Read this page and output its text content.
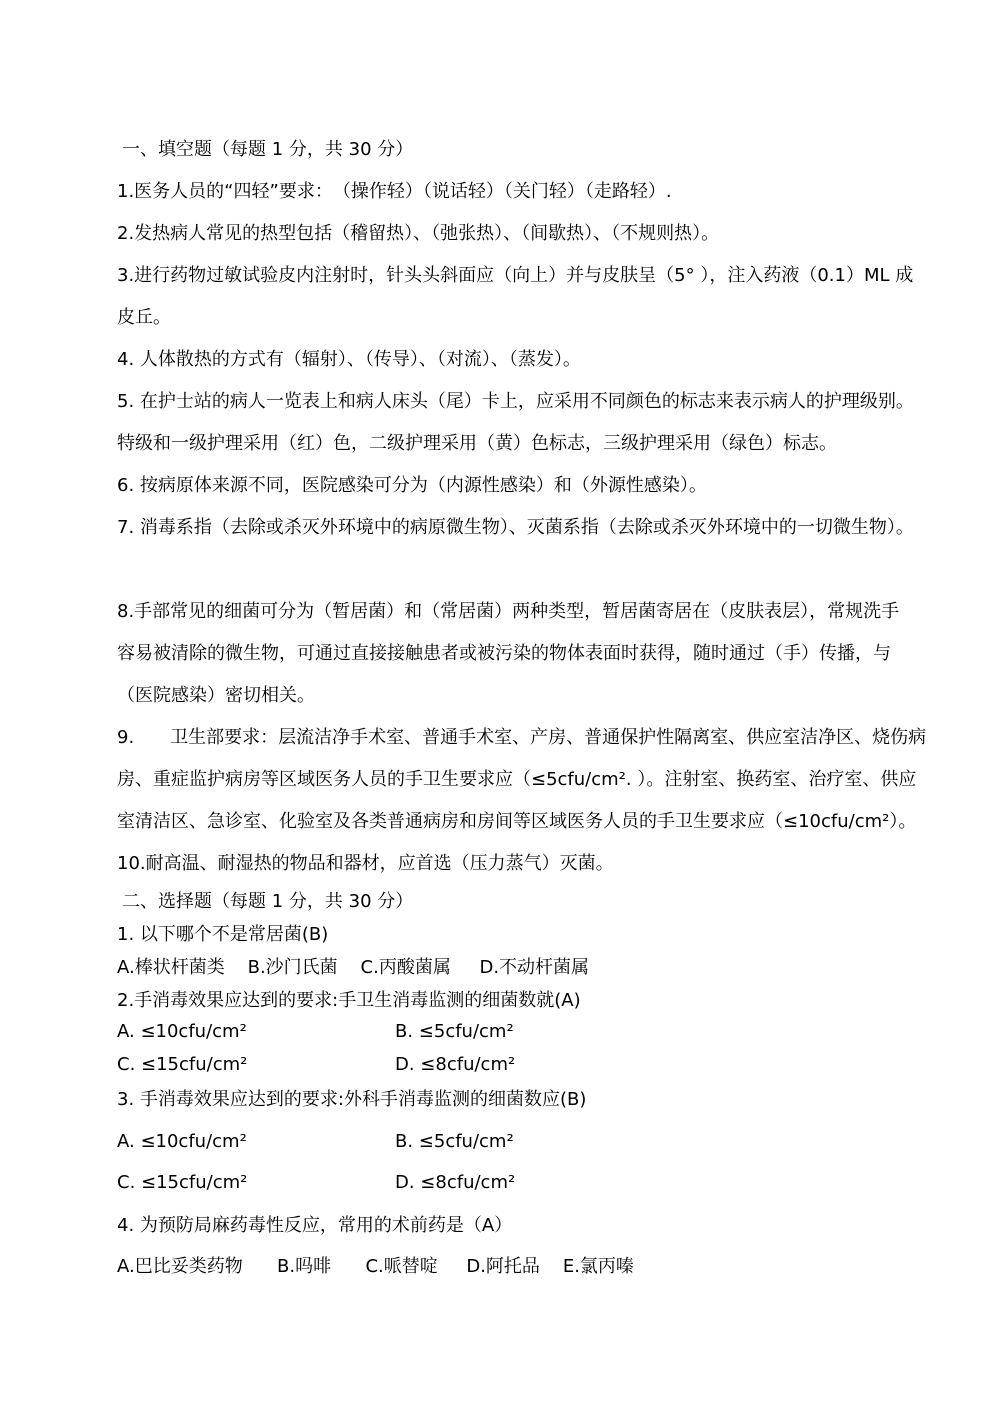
一、填空题（每题 1 分，共 30 分）
1.医务人员的“四轻”要求：　（操作轻）（说话轻）（关门轻）（走路轻）.
2.发热病人常见的热型包括（稽留热）、（弛张热）、（间歇热）、（不规则热）。
3.进行药物过敏试验皮内注射时，针头头斜面应（向上）并与皮肤呈（5° ），注入药液（0.1）ML 成
皮丘。
4. 人体散热的方式有（辐射）、（传导）、（对流）、（蒸发）。
5. 在护士站的病人一览表上和病人床头（尾）卡上，应采用不同颜色的标志来表示病人的护理级别。
特级和一级护理采用（红）色，二级护理采用（黄）色标志，三级护理采用（绿色）标志。
6. 按病原体来源不同，医院感染可分为（内源性感染）和（外源性感染）。
7. 消毒系指（去除或杀灭外环境中的病原微生物）、灭菌系指（去除或杀灭外环境中的一切微生物）。
8.手部常见的细菌可分为（暂居菌）和（常居菌）两种类型，暂居菌寄居在（皮肤表层），常规洗手
容易被清除的微生物，可通过直接接触患者或被污染的物体表面时获得，随时通过（手）传播，与
（医院感染）密切相关。
9.　　卫生部要求：层流洁净手术室、普通手术室、产房、普通保护性隔离室、供应室洁净区、烧伤病
房、重症监护病房等区域医务人员的手卫生要求应（≤5cfu/cm². ）。注射室、换药室、治疗室、供应
室清洁区、急诊室、化验室及各类普通病房和房间等区域医务人员的手卫生要求应（≤10cfu/cm²）。
10.耐高温、耐湿热的物品和器材，应首选（压力蒸气）灭菌。
二、选择题（每题 1 分，共 30 分）
1. 以下哪个不是常居菌(B)
A.棒状杆菌类    B.沙门氏菌    C.丙酸菌属     D.不动杆菌属
2.手消毒效果应达到的要求:手卫生消毒监测的细菌数就(A)
A. ≤10cfu/cm²	B. ≤5cfu/cm²
C. ≤15cfu/cm²	D. ≤8cfu/cm²
3. 手消毒效果应达到的要求:外科手消毒监测的细菌数应(B)
A. ≤10cfu/cm²	B. ≤5cfu/cm²
C. ≤15cfu/cm²	D. ≤8cfu/cm²
4. 为预防局麻药毒性反应，常用的术前药是（A）
A.巴比妥类药物      B.吗啡      C.哌替啶     D.阿托品    E.氯丙嗪
